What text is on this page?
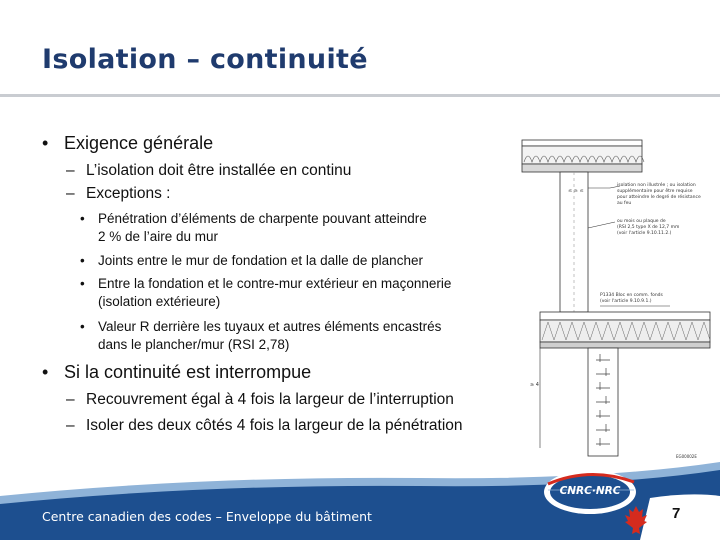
Isolation – continuité
• Exigence générale

– L’isolation doit être installée en continu

– Exceptions :

• Pénétration d’éléments de charpente pouvant atteindre

2 % de l’aire du mur

• Joints entre le mur de fondation et la dalle de plancher

• Entre la fondation et le contre-mur extérieur en maçonnerie

(isolation extérieure)

• Valeur R derrière les tuyaux et autres éléments encastrés

dans le plancher/mur (RSI 2,78)

• Si la continuité est interrompue

– Recouvrement égal à 4 fois la largeur de l’interruption

– Isoler des deux côtés 4 fois la largeur de la pénétration

≤ ≥ ≤
isolation non illustrée ; ou isolation
supplémentaire pour être requise
pour atteindre le degré de résistance
au feu
ou mois ou plaque de
(RSI 2,5 type X de 12,7 mm
(voir l'article 9.10.11.2.)
P1334 Bloc en comm. fonds
(voir l'article 9.10.9.1.)
≥ 4
EG00002E
CNRC·NRC
Centre canadien des codes – Enveloppe du bâtiment	7
